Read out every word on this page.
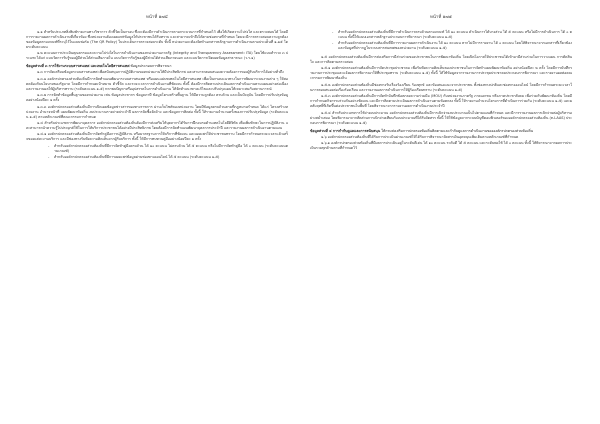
หน้าที่ ๑๗๔

๑.๑ สำหรับประเภทสิ่งพิมพ์รายงานทางวิชาการ ตัวชี้วัดเป็นกรอบ ซึ่งจะต้องมีการดำเนินการตามกระบวนการที่กำหนดไว้ เพื่อให้เกิดความโปร่งใส และตรวจสอบได้ โดยมีการรายงานผลการดำเนินงานที่เกี่ยวข้อง ซึ่งหน่วยงานต้องเผยแพร่ข้อมูลให้ประชาชนได้รับทราบ และสามารถเข้าถึงได้ตามช่องทางที่กำหนด โดยจะมีการตรวจสอบความถูกต้องของข้อมูลตามเกณฑ์ที่ระบุไว้ในแบบฟอร์ม (The QR Policy) ในประเด็นการตรวจสอบระดับ ทั้งนี้ หน่วยงานจะต้องจัดทำเอกสารหลักฐานการดำเนินงานตามประเด็นที่ ๑-๑๕ โดยระดับคะแนน

๑.๒ คะแนนการประเมินคุณธรรมและความโปร่งใสในการดำเนินงานของหน่วยงานภาครัฐ (Integrity and Transparency Assessment: ITA) โดยใช้แบบสำรวจ ๓ ประเภท ได้แก่ แบบวัดการรับรู้ของผู้มีส่วนได้ส่วนเสียภายใน แบบวัดการรับรู้ของผู้มีส่วนได้ส่วนเสียภายนอก และแบบวัดการเปิดเผยข้อมูลสาธารณะ (ว.ร.๑)

ข้อมูลส่วนที่ ๓ การใช้งานระบบสารสนเทศ และเทคโนโลยีสารสนเทศ ข้อมูลประกอบการพิจารณา

๑.๓ การจัดเตรียมข้อมูลระบบสารสนเทศ เพื่อสนับสนุนการปฏิบัติงานของหน่วยงานให้มีประสิทธิภาพ และสามารถตอบสนองความต้องการของผู้รับบริการได้อย่างทั่วถึง

๑.๓.๑ องค์กรปกครองส่วนท้องถิ่นมีการจัดทำแผนพัฒนาระบบสารสนเทศ หรือแผนแม่บทเทคโนโลยีสารสนเทศ เพื่อเป็นกรอบแนวทางในการพัฒนาระบบงานต่าง ๆ ให้สอดคล้องกับนโยบายของรัฐบาล โดยมีการกำหนดเป้าหมาย ตัวชี้วัด และระยะเวลาการดำเนินงานที่ชัดเจน ทั้งนี้ ต้องมีการติดตามประเมินผลการดำเนินงานตามแผนอย่างต่อเนื่อง และรายงานผลให้ผู้บริหารทราบ (ระดับคะแนน ๑-๕) หากพบปัญหาหรืออุปสรรคในการดำเนินงาน ให้จัดทำแนวทางแก้ไขและปรับปรุงแผนให้เหมาะสมกับสถานการณ์

๑.๓.๒ การจัดทำข้อมูลพื้นฐานของหน่วยงาน เช่น ข้อมูลประชากร ข้อมูลภาษี ข้อมูลโครงสร้างพื้นฐาน ให้มีความถูกต้อง ครบถ้วน และเป็นปัจจุบัน โดยมีการปรับปรุงข้อมูลอย่างน้อยปีละ ๑ ครั้ง

๑.๓.๓ องค์กรปกครองส่วนท้องถิ่นมีการเปิดเผยข้อมูลข่าวสารของทางราชการ ผ่านเว็บไซต์ของหน่วยงาน โดยมีข้อมูลครบถ้วนตามที่กฎหมายกำหนด ได้แก่ โครงสร้างหน่วยงาน อำนาจหน้าที่ แผนพัฒนาท้องถิ่น งบประมาณรายจ่ายประจำปี ผลการจัดซื้อจัดจ้าง และข้อมูลการติดต่อ ทั้งนี้ ให้รายงานจำนวนครั้งของการปรับปรุงข้อมูล (ระดับคะแนน ๑-๕) ตามหลักเกณฑ์ที่คณะกรรมการกำหนด

๑.๔ สำหรับประเภทการพัฒนาบุคลากร องค์กรปกครองส่วนท้องถิ่นต้องมีการส่งเสริมให้บุคลากรได้รับการฝึกอบรมด้านเทคโนโลยีดิจิทัล เพื่อเพิ่มทักษะในการปฏิบัติงาน และสามารถนำความรู้ไปประยุกต์ใช้ในการให้บริการประชาชนได้อย่างมีประสิทธิภาพ โดยต้องมีการจัดทำแผนพัฒนาบุคลากรประจำปี และรายงานผลการดำเนินงานตามแผน

๑.๔.๑ องค์กรปกครองส่วนท้องถิ่นมีการจัดทำคู่มือการปฏิบัติงาน หรือมาตรฐานการให้บริการที่ชัดเจน และเผยแพร่ให้ประชาชนทราบ โดยมีการกำหนดระยะเวลาแล้วเสร็จของแต่ละงานบริการ และมีช่องทางรับฟังความคิดเห็นจากผู้รับบริการ ทั้งนี้ ให้มีการทบทวนคู่มืออย่างน้อยปีละ ๑ ครั้ง

- สำหรับองค์กรปกครองส่วนท้องถิ่นที่มีการจัดทำคู่มือครบถ้วน ได้ ๑๐ คะแนน ไม่ครบถ้วน ได้ ๕ คะแนน หรือไม่มีการจัดทำคู่มือ ได้ ๐ คะแนน (ระดับคะแนนตามเกณฑ์)

- สำหรับองค์กรปกครองส่วนท้องถิ่นที่มีการเผยแพร่ข้อมูลผ่านช่องทางออนไลน์ ได้ ๕ คะแนน (ระดับคะแนน ๑-๕)

หน้าที่ ๑๗๕

- สำหรับองค์กรปกครองส่วนท้องถิ่นที่มีการดำเนินการครบถ้วนตามเกณฑ์ ได้ ๑๐ คะแนน ดำเนินการได้บางส่วน ได้ ๕ คะแนน หรือไม่มีการดำเนินการ ได้ ๐ คะแนน ทั้งนี้ให้แนบเอกสารหลักฐานประกอบการพิจารณา (ระดับคะแนน ๑-๕)

- สำหรับองค์กรปกครองส่วนท้องถิ่นที่มีการรายงานผลการดำเนินงาน ได้ ๑๐ คะแนน หากไม่มีการรายงาน ได้ ๐ คะแนน โดยให้พิจารณาจากเอกสารที่เกี่ยวข้องและข้อมูลที่ปรากฏในระบบสารสนเทศของหน่วยงาน (ระดับคะแนน ๑-๕)

๑.๕ องค์กรปกครองส่วนท้องถิ่นมีการส่งเสริมการมีส่วนร่วมของประชาชนในการพัฒนาท้องถิ่น โดยเปิดโอกาสให้ประชาชนได้เข้ามามีส่วนร่วมในการวางแผน การตัดสินใจ และการติดตามตรวจสอบ

๑.๕.๑ องค์กรปกครองส่วนท้องถิ่นมีการจัดประชุมประชาคม เพื่อรับฟังความคิดเห็นของประชาชนในการจัดทำแผนพัฒนาท้องถิ่น อย่างน้อยปีละ ๒ ครั้ง โดยมีการบันทึกรายงานการประชุมและแจ้งผลการพิจารณาให้ที่ประชุมทราบ (ระดับคะแนน ๑-๕) ทั้งนี้ ให้ใช้ข้อมูลจากรายงานการประชุมประชาคมประกอบการพิจารณา และรายงานผลต่อคณะกรรมการพัฒนาท้องถิ่น

๑.๕.๒ องค์กรปกครองส่วนท้องถิ่นมีช่องทางรับเรื่องร้องเรียน ร้องทุกข์ และข้อเสนอแนะจากประชาชน ทั้งช่องทางปกติและช่องทางออนไลน์ โดยมีการกำหนดระยะเวลาในการตอบสนองต่อเรื่องร้องเรียน และรายงานผลการดำเนินการให้ผู้ร้องเรียนทราบ (ระดับคะแนน ๑-๕)

๑.๕.๓ องค์กรปกครองส่วนท้องถิ่นมีการจัดทำบันทึกข้อตกลงความร่วมมือ (MOU) กับหน่วยงานภาครัฐ ภาคเอกชน หรือภาคประชาสังคม เพื่อร่วมกันพัฒนาท้องถิ่น โดยมีการกำหนดกิจกรรมร่วมกันอย่างชัดเจน และมีการติดตามประเมินผลการดำเนินงานตามข้อตกลง ทั้งนี้ ให้รายงานจำนวนโครงการที่ดำเนินการร่วมกัน (ระดับคะแนน ๑-๕) และผลสัมฤทธิ์ที่เกิดขึ้นต่อประชาชนในพื้นที่ โดยพิจารณาจากรายงานผลการดำเนินงานประจำปี

๑.๕.๔ สำหรับประเภทการใช้จ่ายงบประมาณ องค์กรปกครองส่วนท้องถิ่นมีการเบิกจ่ายงบประมาณเป็นไปตามแผนที่กำหนด และมีการรายงานผลการเบิกจ่ายต่อผู้บริหารอย่างสม่ำเสมอ โดยพิจารณาจากสัดส่วนการเบิกจ่ายเทียบกับงบประมาณที่ได้รับจัดสรร ทั้งนี้ ให้ใช้ข้อมูลจากระบบบัญชีคอมพิวเตอร์ขององค์กรปกครองส่วนท้องถิ่น (e-LAAS) ประกอบการพิจารณา (ระดับคะแนน ๑-๕)

ข้อมูลส่วนที่ ๔ การกำกับดูแลและการสนับสนุน ให้กรมส่งเสริมการปกครองท้องถิ่นติดตามและกำกับดูแลการดำเนินงานขององค์กรปกครองส่วนท้องถิ่น

๑.๖ องค์กรปกครองส่วนท้องถิ่นที่ได้รับการประเมินผ่านเกณฑ์ให้ได้รับการพิจารณาจัดสรรเงินอุดหนุนเพิ่มเติมตามหลักเกณฑ์ที่กำหนด

๑.๖.๑ องค์กรปกครองส่วนท้องถิ่นที่มีผลการประเมินอยู่ในระดับดีเด่น ได้ ๑๐ คะแนน ระดับดี ได้ ๕ คะแนน และระดับพอใช้ ได้ ๐ คะแนน ทั้งนี้ ให้พิจารณาจากผลการประเมินรวมทุกด้านตามที่กำหนดไว้
